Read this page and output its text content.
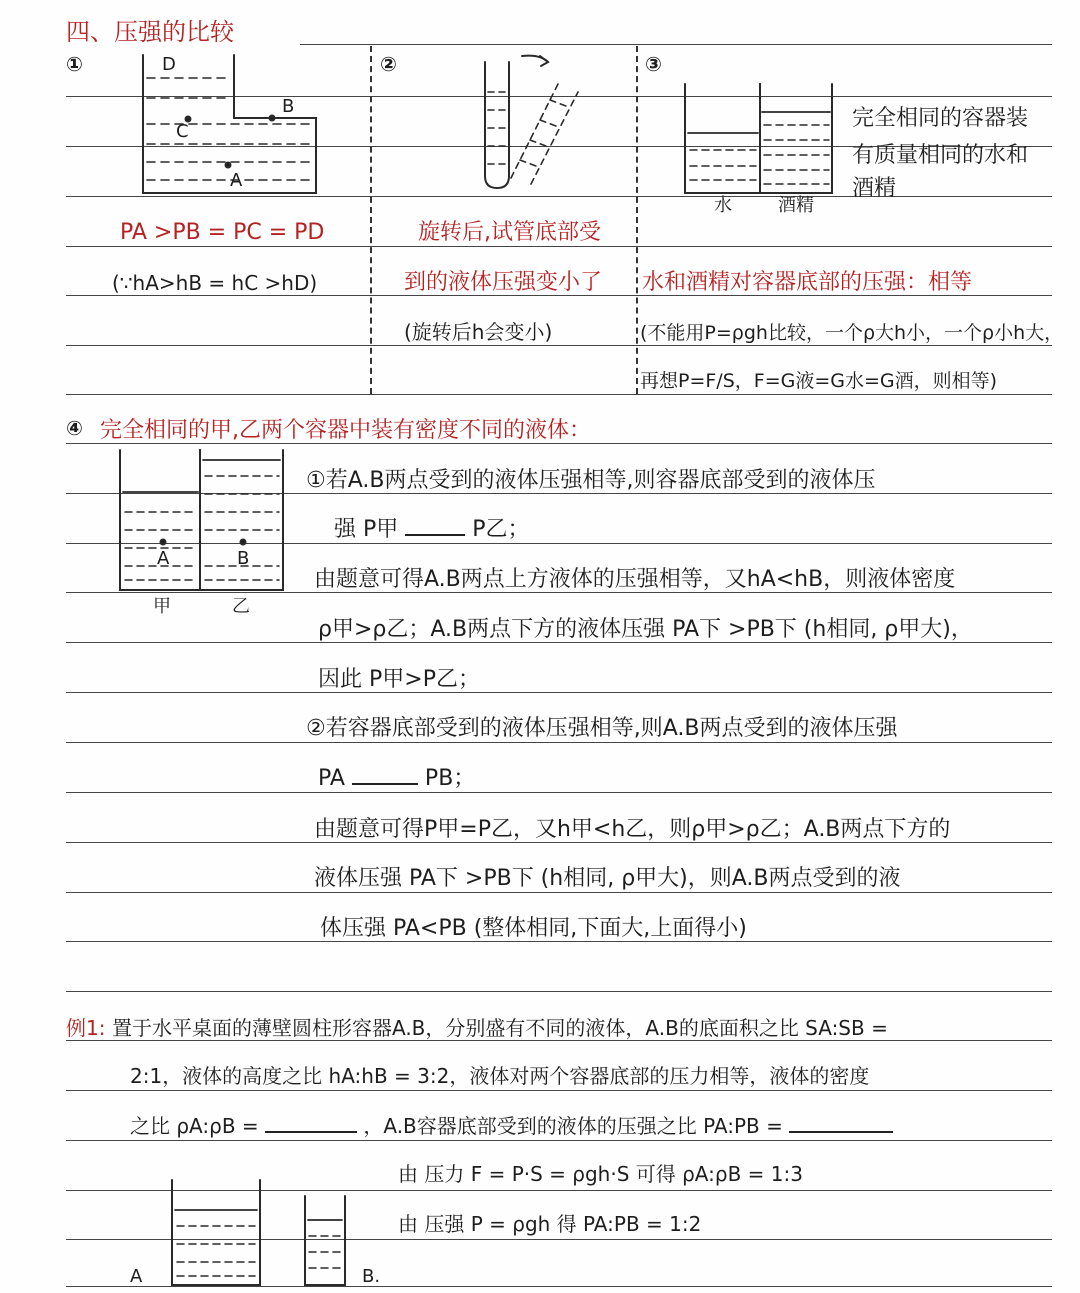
四、压强的比较
①	D
B
C
A
PA >PB = PC = PD
(∵hA>hB = hC >hD)
②
旋转后,试管底部受
到的液体压强变小了
(旋转后h会变小)
③
完全相同的容器装
有质量相同的水和
酒精
水	酒精
水和酒精对容器底部的压强：相等
(不能用P=ρgh比较，一个ρ大h小，一个ρ小h大，
再想P=F/S，F=G液=G水=G酒，则相等)
④ 完全相同的甲,乙两个容器中装有密度不同的液体：
A	B
甲	乙
①若A.B两点受到的液体压强相等,则容器底部受到的液体压
强 P甲	P乙；
由题意可得A.B两点上方液体的压强相等，又hA<hB，则液体密度
ρ甲>ρ乙；A.B两点下方的液体压强 PA下 >PB下 (h相同, ρ甲大)，
因此 P甲>P乙；
②若容器底部受到的液体压强相等,则A.B两点受到的液体压强
PA	PB；
由题意可得P甲=P乙，又h甲<h乙，则ρ甲>ρ乙；A.B两点下方的
液体压强 PA下 >PB下 (h相同, ρ甲大)，则A.B两点受到的液
体压强 PA<PB (整体相同,下面大,上面得小)
例1: 置于水平桌面的薄壁圆柱形容器A.B，分别盛有不同的液体，A.B的底面积之比 SA:SB =
2:1，液体的高度之比 hA:hB = 3:2，液体对两个容器底部的压力相等，液体的密度
之比 ρA:ρB =	，A.B容器底部受到的液体的压强之比 PA:PB =
由 压力 F = P·S = ρgh·S 可得 ρA:ρB = 1:3
由 压强 P = ρgh 得 PA:PB = 1:2
A	B.
